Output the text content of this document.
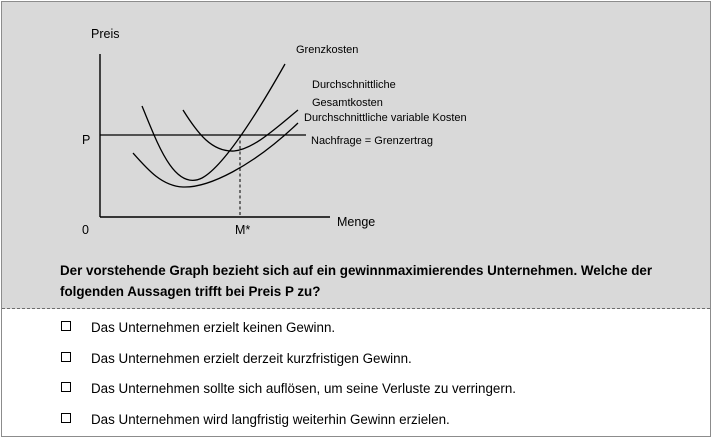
Preis
Menge
0
P
M*
Grenzkosten
Durchschnittliche
Gesamtkosten
Durchschnittliche variable Kosten
Nachfrage = Grenzertrag
Der vorstehende Graph bezieht sich auf ein gewinnmaximierendes Unternehmen. Welche der folgenden Aussagen trifft bei Preis P zu?
Das Unternehmen erzielt keinen Gewinn.
Das Unternehmen erzielt derzeit kurzfristigen Gewinn.
Das Unternehmen sollte sich auflösen, um seine Verluste zu verringern.
Das Unternehmen wird langfristig weiterhin Gewinn erzielen.
